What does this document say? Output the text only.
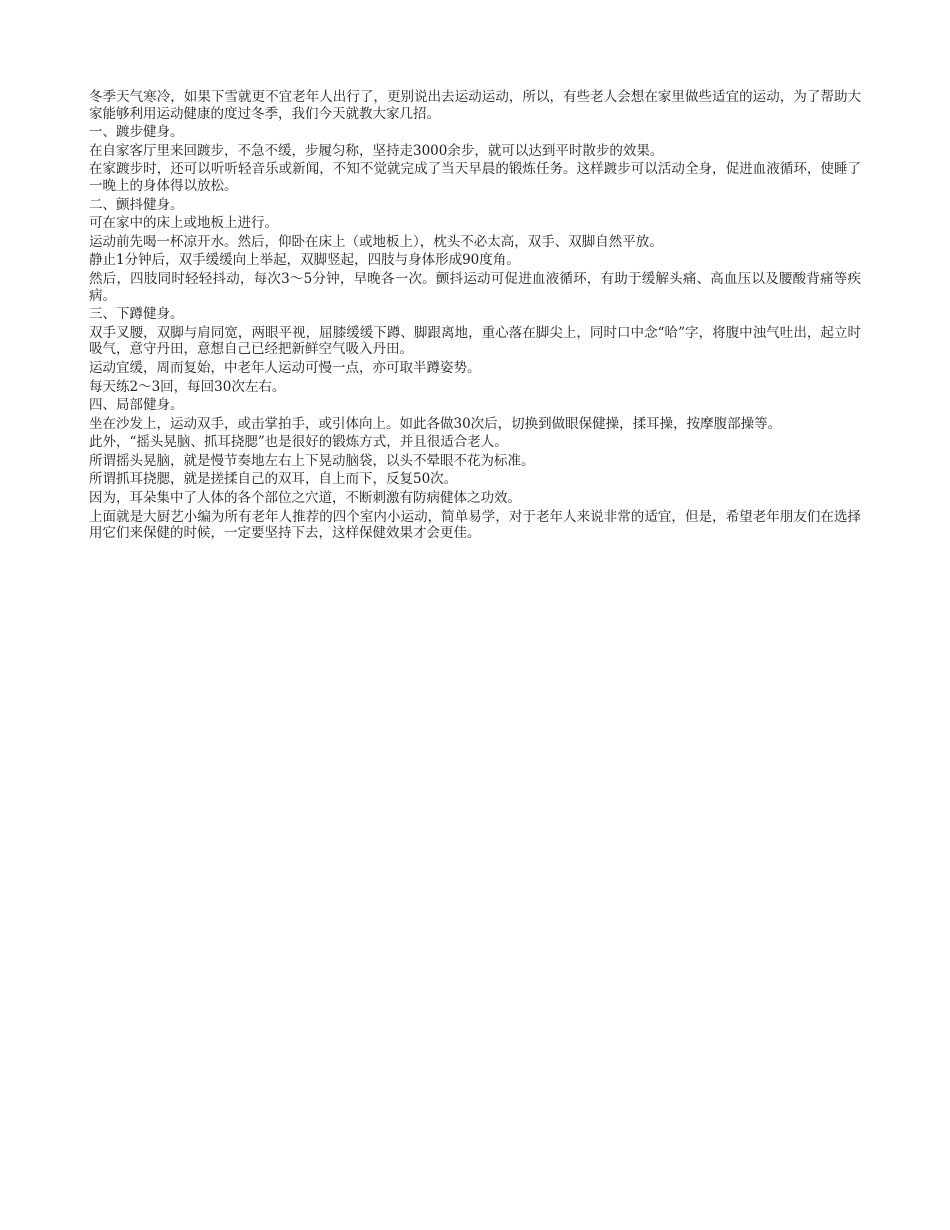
冬季天气寒冷，如果下雪就更不宜老年人出行了，更别说出去运动运动，所以，有些老人会想在家里做些适宜的运动，为了帮助大家能够利用运动健康的度过冬季，我们今天就教大家几招。

一、踱步健身。

在自家客厅里来回踱步，不急不缓，步履匀称，坚持走3000余步，就可以达到平时散步的效果。

在家踱步时，还可以听听轻音乐或新闻，不知不觉就完成了当天早晨的锻炼任务。这样踱步可以活动全身，促进血液循环，使睡了一晚上的身体得以放松。

二、颤抖健身。

可在家中的床上或地板上进行。

运动前先喝一杯凉开水。然后，仰卧在床上（或地板上），枕头不必太高，双手、双脚自然平放。

静止1分钟后，双手缓缓向上举起，双脚竖起，四肢与身体形成90度角。

然后，四肢同时轻轻抖动，每次3～5分钟，早晚各一次。颤抖运动可促进血液循环，有助于缓解头痛、高血压以及腰酸背痛等疾病。

三、下蹲健身。

双手叉腰，双脚与肩同宽，两眼平视，屈膝缓缓下蹲、脚跟离地，重心落在脚尖上，同时口中念“哈”字，将腹中浊气吐出，起立时吸气，意守丹田，意想自己已经把新鲜空气吸入丹田。

运动宜缓，周而复始，中老年人运动可慢一点，亦可取半蹲姿势。

每天练2～3回，每回30次左右。

四、局部健身。

坐在沙发上，运动双手，或击掌拍手，或引体向上。如此各做30次后，切换到做眼保健操，揉耳操，按摩腹部操等。

此外，“摇头晃脑、抓耳挠腮”也是很好的锻炼方式，并且很适合老人。

所谓摇头晃脑，就是慢节奏地左右上下晃动脑袋，以头不晕眼不花为标准。

所谓抓耳挠腮，就是搓揉自己的双耳，自上而下，反复50次。

因为，耳朵集中了人体的各个部位之穴道，不断刺激有防病健体之功效。

上面就是大厨艺小编为所有老年人推荐的四个室内小运动，简单易学，对于老年人来说非常的适宜，但是，希望老年朋友们在选择用它们来保健的时候，一定要坚持下去，这样保健效果才会更佳。
